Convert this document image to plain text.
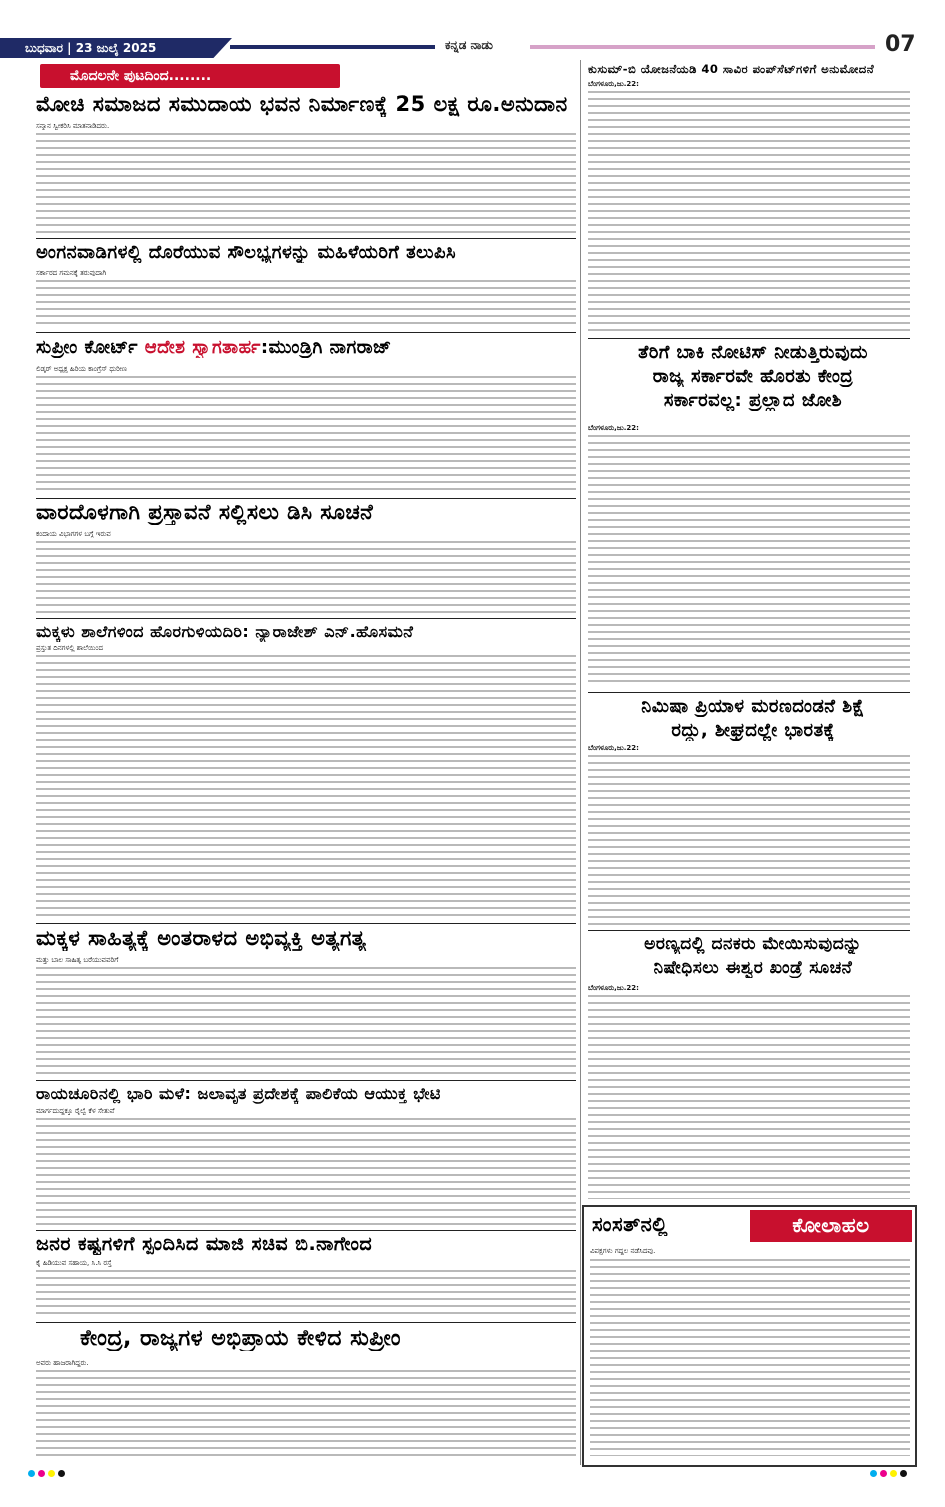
ಬುಧವಾರ | 23 ಜುಲೈ 2025	ಕನ್ನಡ ನಾಡು	07
ಮೊದಲನೇ ಪುಟದಿಂದ........
ಮೋಚಿ ಸಮಾಜದ ಸಮುದಾಯ ಭವನ ನಿರ್ಮಾಣಕ್ಕೆ 25 ಲಕ್ಷ ರೂ.ಅನುದಾನ
ಸನ್ಮಾನ ಸ್ವೀಕರಿಸಿ ಮಾತನಾಡಿದರು.
ಅಂಗನವಾಡಿಗಳಲ್ಲಿ ದೊರೆಯುವ ಸೌಲಭ್ಯಗಳನ್ನು ಮಹಿಳೆಯರಿಗೆ ತಲುಪಿಸಿ
ಸರ್ಕಾರದ ಗಮನಕ್ಕೆ ತರುವುದಾಗಿ
ಸುಪ್ರೀಂ ಕೋರ್ಟ್ ಆದೇಶ ಸ್ವಾಗತಾರ್ಹ:ಮುಂಡ್ರಿಗಿ ನಾಗರಾಜ್
ಲಿಡ್ಕರ್ ಅಧ್ಯಕ್ಷ ಹಿರಿಯ ಕಾಂಗ್ರೆಸ್ ಧುರೀಣ
ವಾರದೊಳಗಾಗಿ ಪ್ರಸ್ತಾವನೆ ಸಲ್ಲಿಸಲು ಡಿಸಿ ಸೂಚನೆ
ಕಂದಾಯ ವಿಭಾಗಗಳ ಬಗ್ಗೆ ಇರುವ
ಮಕ್ಕಳು ಶಾಲೆಗಳಿಂದ ಹೊರಗುಳಿಯದಿರಿ: ನ್ಯಾರಾಜೇಶ್ ಎನ್.ಹೊಸಮನೆ
ಪ್ರಸ್ತುತ ದಿನಗಳಲ್ಲಿ ಶಾಲೆಯಿಂದ
ಮಕ್ಕಳ ಸಾಹಿತ್ಯಕ್ಕೆ ಅಂತರಾಳದ ಅಭಿವ್ಯಕ್ತಿ ಅತ್ಯಗತ್ಯ
ಮತ್ತು ಬಾಲ ಸಾಹಿತ್ಯ ಬರೆಯುವವರಿಗೆ
ರಾಯಚೂರಿನಲ್ಲಿ ಭಾರಿ ಮಳೆ: ಜಲಾವೃತ ಪ್ರದೇಶಕ್ಕೆ ಪಾಲಿಕೆಯ ಆಯುಕ್ತ ಭೇಟಿ
ಮಾರ್ಗದುದ್ದಕ್ಕೂ ರೈಲ್ವೆ ಕೆಳ ಸೇತುವೆ
ಜನರ ಕಷ್ಟಗಳಿಗೆ ಸ್ಪಂದಿಸಿದ ಮಾಜಿ ಸಚಿವ ಬಿ.ನಾಗೇಂದ
ಕೈ ಹಿಡಿಯುವ ಸಹಾಯ, ಸಿ.ಸಿ ರಸ್ತೆ
ಕೇಂದ್ರ, ರಾಜ್ಯಗಳ ಅಭಿಪ್ರಾಯ ಕೇಳಿದ ಸುಪ್ರೀಂ
ಅವರು ಹಾಜರಾಗಿದ್ದರು.
ಕುಸುಮ್-ಬಿ ಯೋಜನೆಯಡಿ 40 ಸಾವಿರ ಪಂಪ್‌ಸೆಟ್‌ಗಳಿಗೆ ಅನುಮೋದನೆ
ಬೆಂಗಳೂರು,ಜು.22:
ತೆರಿಗೆ ಬಾಕಿ ನೋಟಿಸ್ ನೀಡುತ್ತಿರುವುದು
ರಾಜ್ಯ ಸರ್ಕಾರವೇ ಹೊರತು ಕೇಂದ್ರ
ಸರ್ಕಾರವಲ್ಲ: ಪ್ರಲ್ಹಾದ ಜೋಶಿ
ಬೆಂಗಳೂರು,ಜು.22:
ನಿಮಿಷಾ ಪ್ರಿಯಾಳ ಮರಣದಂಡನೆ ಶಿಕ್ಷೆ
ರದ್ದು, ಶೀಘ್ರದಲ್ಲೇ ಭಾರತಕ್ಕೆ
ಬೆಂಗಳೂರು,ಜು.22:
ಅರಣ್ಯದಲ್ಲಿ ದನಕರು ಮೇಯಿಸುವುದನ್ನು
ನಿಷೇಧಿಸಲು ಈಶ್ವರ ಖಂಡ್ರೆ ಸೂಚನೆ
ಬೆಂಗಳೂರು,ಜು.22:
ಸಂಸತ್‌ನಲ್ಲಿ	ಕೋಲಾಹಲ
ವಿಪಕ್ಷಗಳು ಗದ್ದಲ ನಡೆಸಿದವು.
